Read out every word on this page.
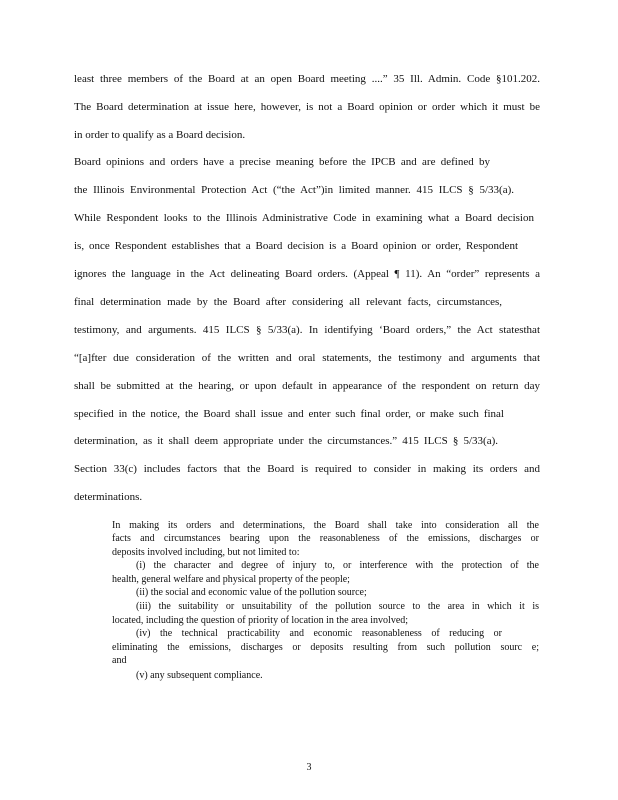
least three members of the Board at an open Board meeting ....” 35 Ill. Admin. Code §101.202.
The Board determination at issue here, however, is not a Board opinion or order which it must be
in order to qualify as a Board decision.
Board opinions and orders have a precise meaning before the IPCB and are defined by
the Illinois Environmental Protection Act (“the Act”)in limited manner. 415 ILCS § 5/33(a).
While Respondent looks to the Illinois Administrative Code in examining what a Board decision
is, once Respondent establishes that a Board decision is a Board opinion or order, Respondent
ignores the language in the Act delineating Board orders. (Appeal ¶ 11). An “order” represents a
final determination made by the Board after considering all relevant facts, circumstances,
testimony, and arguments. 415 ILCS § 5/33(a). In identifying ‘Board orders,” the Act statesthat
“[a]fter due consideration of the written and oral statements, the testimony and arguments that
shall be submitted at the hearing, or upon default in appearance of the respondent on return day
specified in the notice, the Board shall issue and enter such final order, or make such final
determination, as it shall deem appropriate under the circumstances.” 415 ILCS § 5/33(a).
Section 33(c) includes factors that the Board is required to consider in making its orders and
determinations.
In making its orders and determinations, the Board shall take into consideration all the
facts and circumstances bearing upon the reasonableness of the emissions, discharges or
deposits involved including, but not limited to:
(i) the character and degree of injury to, or interference with the protection of the
health, general welfare and physical property of the people;
(ii) the social and economic value of the pollution source;
(iii) the suitability or unsuitability of the pollution source to the area in which it is
located, including the question of priority of location in the area involved;
(iv) the technical practicability and economic reasonableness of reducing or
eliminating the emissions, discharges or deposits resulting from such pollution sourc e;
and
(v) any subsequent compliance.
3
